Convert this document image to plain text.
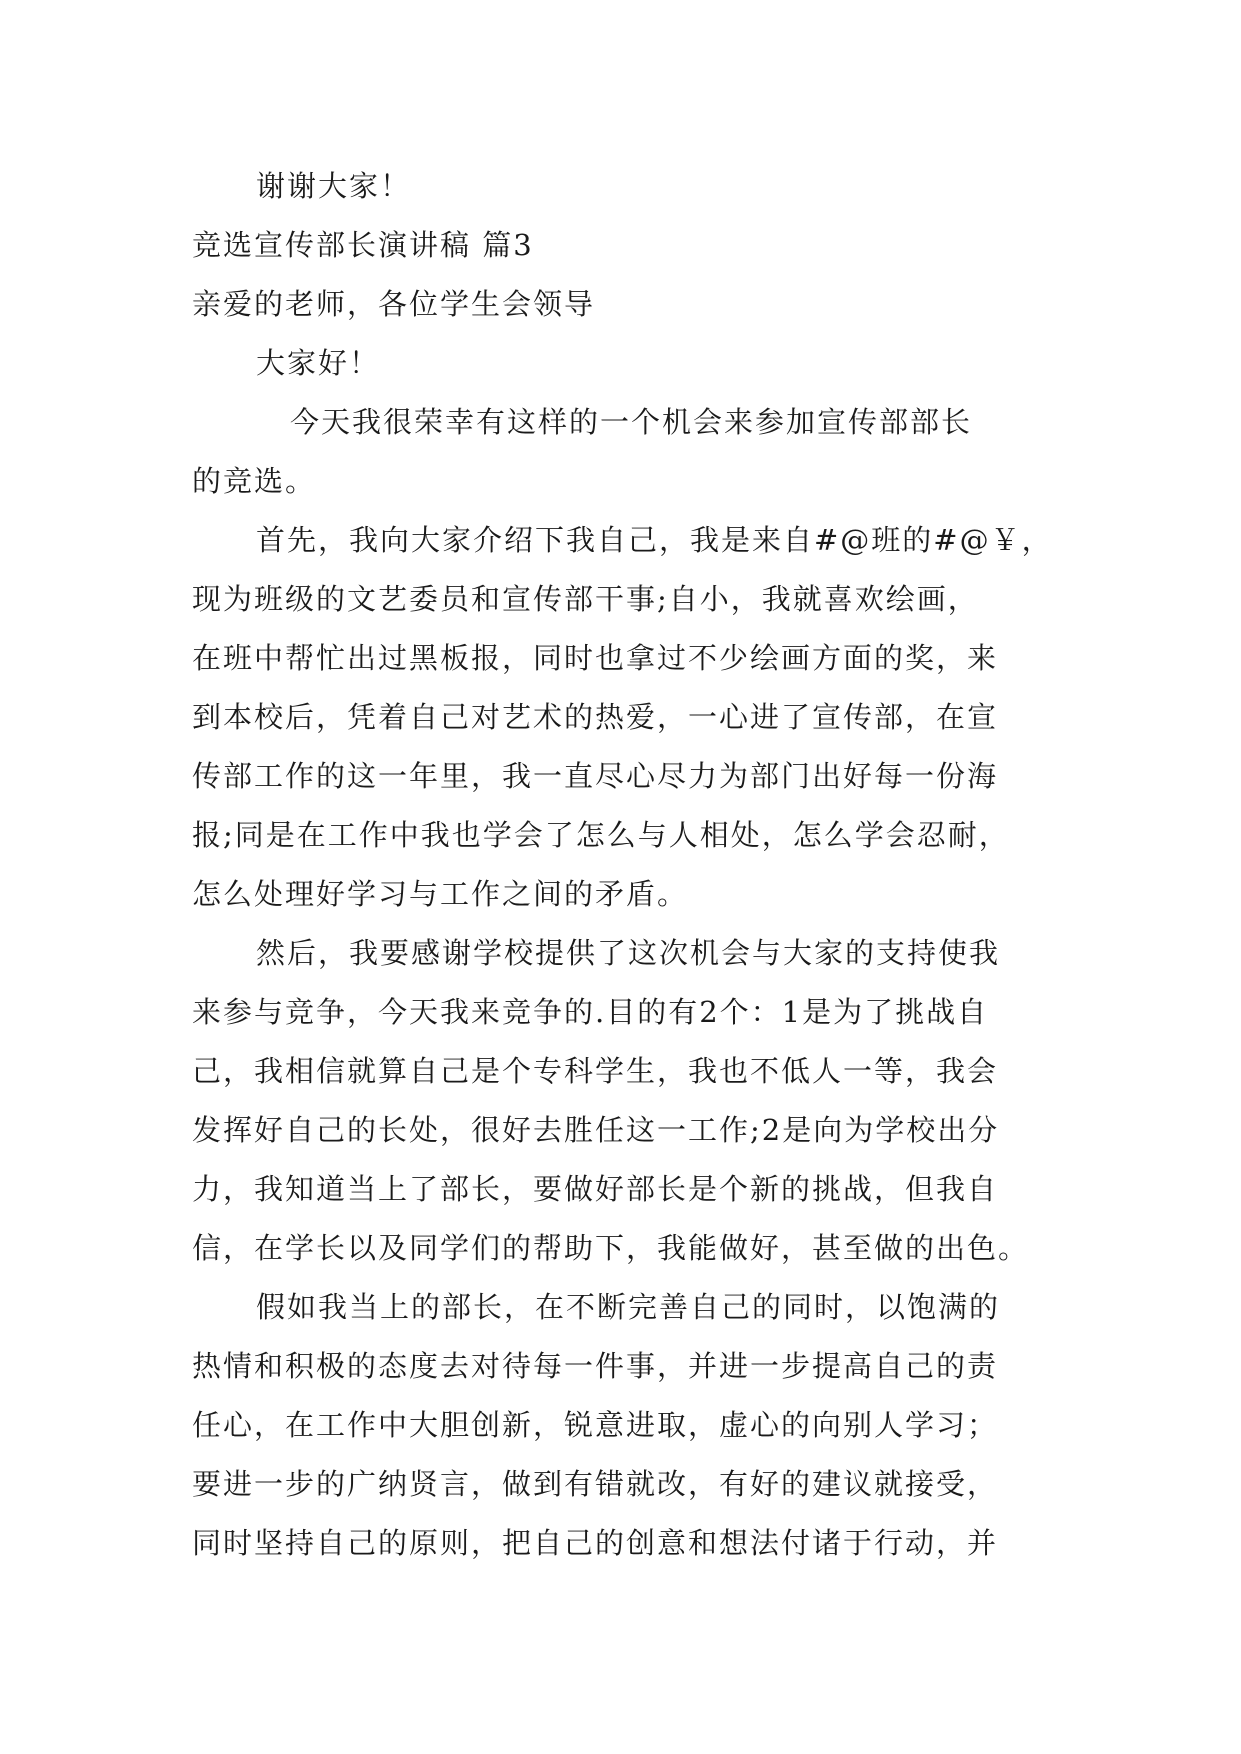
谢谢大家！
竞选宣传部长演讲稿 篇3
亲爱的老师，各位学生会领导
大家好！
今天我很荣幸有这样的一个机会来参加宣传部部长
的竞选。
首先，我向大家介绍下我自己，我是来自#@班的#@￥，
现为班级的文艺委员和宣传部干事;自小，我就喜欢绘画，
在班中帮忙出过黑板报，同时也拿过不少绘画方面的奖，来
到本校后，凭着自己对艺术的热爱，一心进了宣传部，在宣
传部工作的这一年里，我一直尽心尽力为部门出好每一份海
报;同是在工作中我也学会了怎么与人相处，怎么学会忍耐，
怎么处理好学习与工作之间的矛盾。
然后，我要感谢学校提供了这次机会与大家的支持使我
来参与竞争，今天我来竞争的.目的有2个：1是为了挑战自
己，我相信就算自己是个专科学生，我也不低人一等，我会
发挥好自己的长处，很好去胜任这一工作;2是向为学校出分
力，我知道当上了部长，要做好部长是个新的挑战，但我自
信，在学长以及同学们的帮助下，我能做好，甚至做的出色。
假如我当上的部长，在不断完善自己的同时，以饱满的
热情和积极的态度去对待每一件事，并进一步提高自己的责
任心，在工作中大胆创新，锐意进取，虚心的向别人学习；
要进一步的广纳贤言，做到有错就改，有好的建议就接受，
同时坚持自己的原则，把自己的创意和想法付诸于行动，并
